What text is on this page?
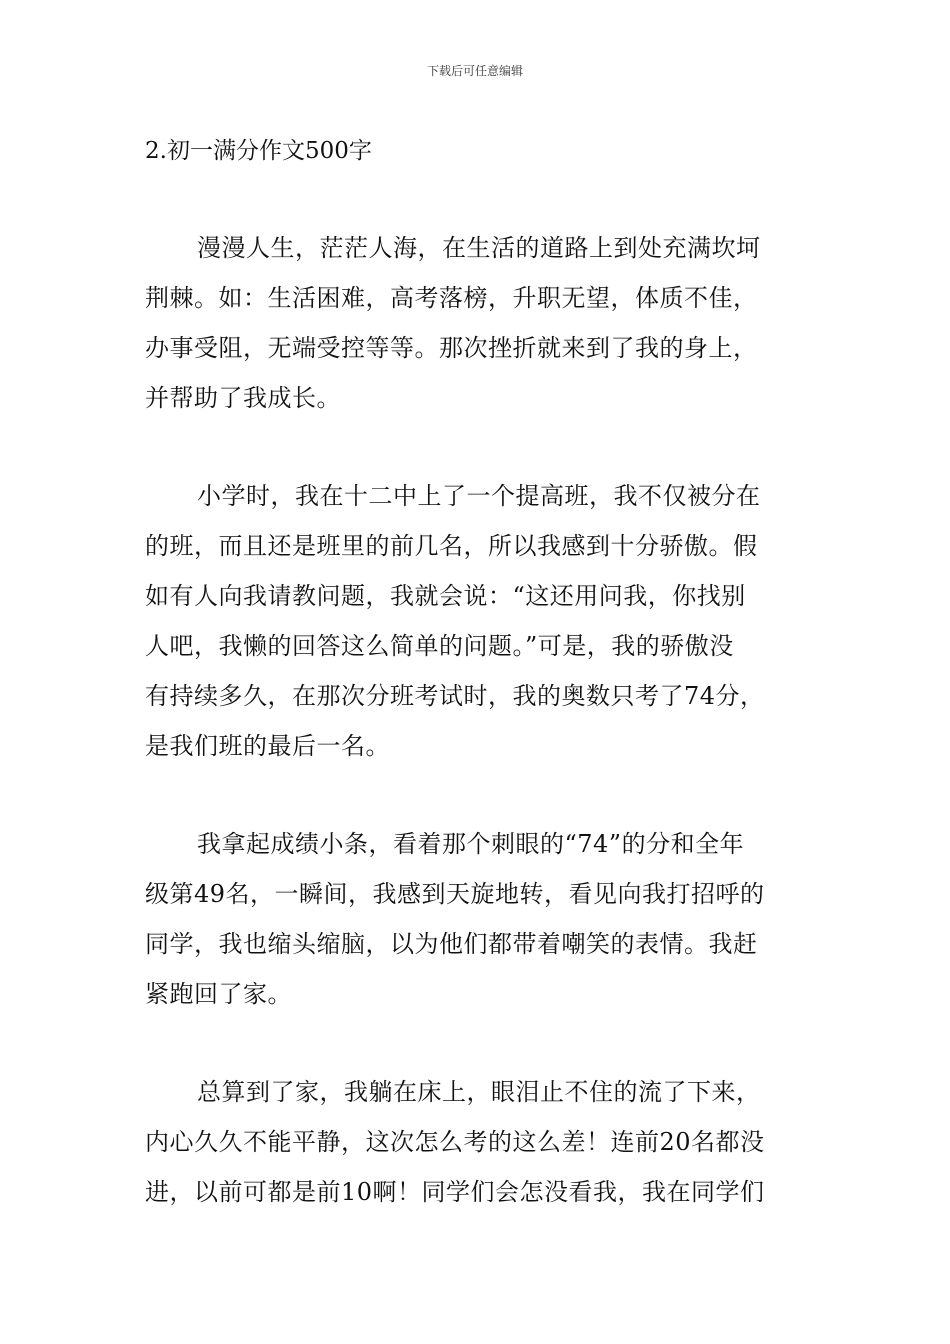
下载后可任意编辑
2.初一满分作文500字
漫漫人生，茫茫人海，在生活的道路上到处充满坎坷
荆棘。如：生活困难，高考落榜，升职无望，体质不佳，
办事受阻，无端受控等等。那次挫折就来到了我的身上，
并帮助了我成长。
小学时，我在十二中上了一个提高班，我不仅被分在
的班，而且还是班里的前几名，所以我感到十分骄傲。假
如有人向我请教问题，我就会说：“这还用问我，你找别
人吧，我懒的回答这么简单的问题。”可是，我的骄傲没
有持续多久，在那次分班考试时，我的奥数只考了74分，
是我们班的最后一名。
我拿起成绩小条，看着那个刺眼的“74”的分和全年
级第49名，一瞬间，我感到天旋地转，看见向我打招呼的
同学，我也缩头缩脑，以为他们都带着嘲笑的表情。我赶
紧跑回了家。
总算到了家，我躺在床上，眼泪止不住的流了下来，
内心久久不能平静，这次怎么考的这么差！连前20名都没
进，以前可都是前10啊！同学们会怎没看我，我在同学们
